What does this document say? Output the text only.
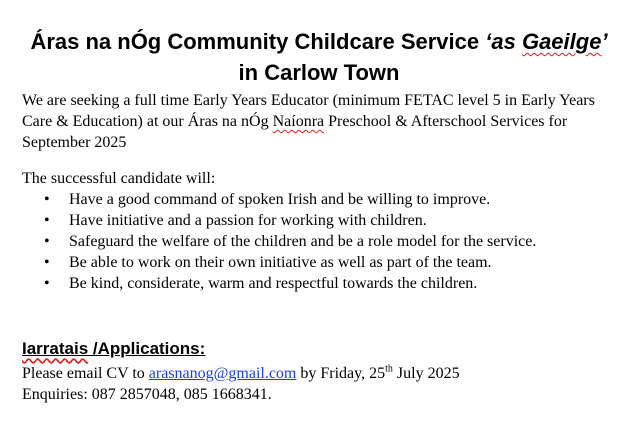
Áras na nÓg Community Childcare Service ‘as Gaeilge’
in Carlow Town

We are seeking a full time Early Years Educator (minimum FETAC level 5 in Early Years Care & Education) at our Áras na nÓg Naíonra Preschool & Afterschool Services for September 2025

The successful candidate will:

• Have a good command of spoken Irish and be willing to improve.
• Have initiative and a passion for working with children.
• Safeguard the welfare of the children and be a role model for the service.
• Be able to work on their own initiative as well as part of the team.
• Be kind, considerate, warm and respectful towards the children.
Iarratais /Applications:

Please email CV to arasnanog@gmail.com by Friday, 25th July 2025

Enquiries: 087 2857048, 085 1668341.
